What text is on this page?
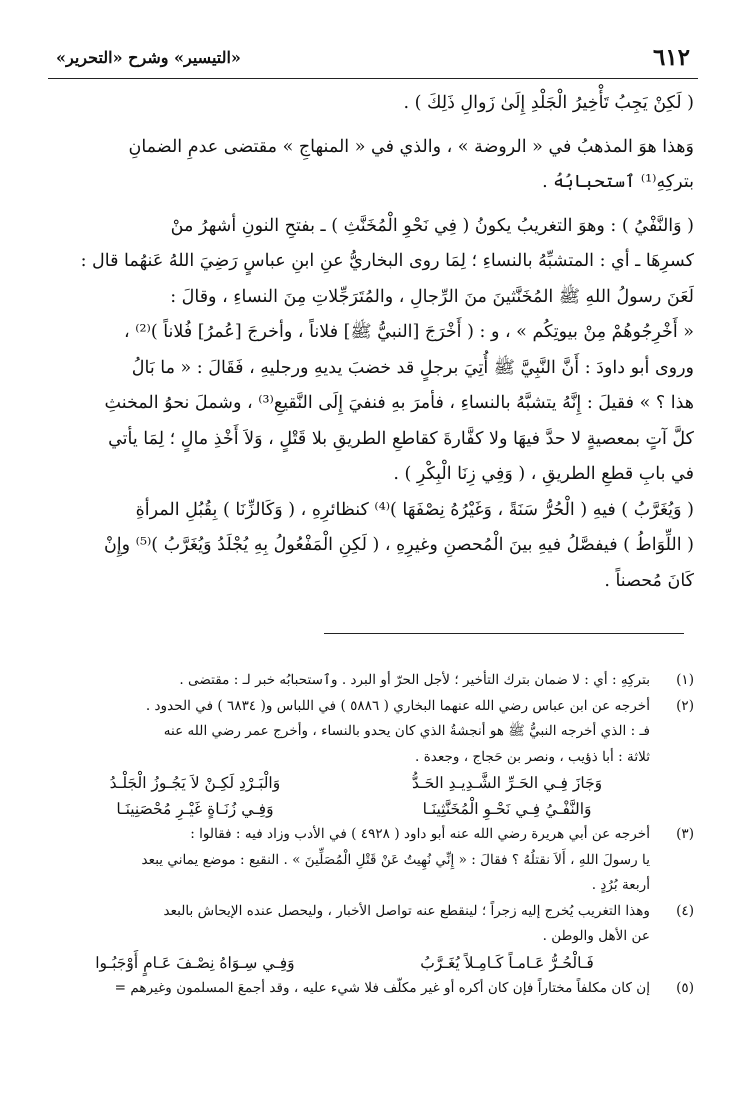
٦١٢
«التيسير» وشرح «التحرير»

( لَكِنْ يَجِبُ تَأْخِيرُ الْجَلْدِ إِلَىٰ زَوالِ ذَلِكَ ) .

وَهذا هوَ المذهبُ في « الروضة » ، والذي في « المنهاجِ » مقتضى عدمِ الضمانِ

بتركِهِ⁽¹⁾ ٱستحبابُهُ .

( وَالنَّفْيُ ) : وهوَ التغريبُ يكونُ ( فِي نَحْوِ الْمُخَنَّثِ ) ـ بفتحِ النونِ أشهرُ منْ

كسرِهَا ـ أي : المتشبِّهُ بالنساءِ ؛ لِمَا روى البخاريُّ عنِ ابنِ عباسٍ رَضِيَ اللهُ عَنهُما قال :

لَعَنَ رسولُ اللهِ ﷺ المُخَنَّثينَ منَ الرِّجالِ ، والمُتَرَجِّلاتِ مِنَ النساءِ ، وقالَ :

« أَخْرِجُوهُمْ مِنْ بيوتِكُم » ، و : ( أَخْرَجَ [النبيُّ ﷺ] فلاناً ، وأخرجَ [عُمرُ] فُلاناً )⁽²⁾ ،

وروى أبو داودَ : أَنَّ النَّبِيَّ ﷺ أُتِيَ برجلٍ قد خضبَ يديهِ ورجليهِ ، فَقَالَ : « ما بَالُ

هذا ؟ » فقيلَ : إِنَّهُ يتشبَّهُ بالنساءِ ، فأمرَ بهِ فنفيَ إِلَى النَّقيعِ⁽³⁾ ، وشملَ نحوُ المخنثِ

كلَّ آتٍ بمعصيةٍ لا حدَّ فيهَا ولا كفَّارةَ كقاطعِ الطريقِ بلا قَتْلٍ ، وَلاَ أَخْذِ مالٍ ؛ لِمَا يأتي

في بابِ قطعِ الطريقِ ، ( وَفِي زِنَا الْبِكْرِ ) .

( وَيُغَرَّبُ ) فيهِ ( الْحُرُّ سَنَةً ، وَغَيْرُهُ نِصْفَهَا )⁽⁴⁾ كنظائرِهِ ، ( وَكَالزِّنَا ) بِقُبُلِ المرأةِ

( اللِّوَاطُ ) فيفصَّلُ فيهِ بينَ الْمُحصنِ وغيرِهِ ، ( لَكِنِ الْمَفْعُولُ بِهِ يُجْلَدُ وَيُغَرَّبُ )⁽⁵⁾ وإِنْ

كَانَ مُحصناً .

(١)
بتركِهِ : أي : لا ضمان بترك التأخير ؛ لأجل الحرّ أو البرد . وٱستحبابُه خبر لـ : مقتضى .
(٢)
أخرجه عن ابن عباس رضي الله عنهما البخاري ( ٥٨٨٦ ) في اللباس و( ٦٨٣٤ ) في الحدود .
فـ : الذي أخرجه النبيُّ ﷺ هو أنجشةُ الذي كان يحدو بالنساء ، وأخرج عمر رضي الله عنه
ثلاثة : أبا ذؤيب ، ونصر بن حَجاج ، وجعدة .
وَجَازَ فِـي الحَـرِّ الشَّـدِيـدِ الحَـدُّ
وَالْبَـرْدِ لَكِـنْ لاَ يَجُـوزُ الْجَلْـدُ
وَالنَّفْـيُ فِـي نَحْـوِ الْمُخَنَّثِينَـا
وَفِـي زُنَـاةٍ غَيْـرِ مُحْصَنِينَـا
(٣)
أخرجه عن أبي هريرة رضي الله عنه أبو داود ( ٤٩٢٨ ) في الأدب وزاد فيه : فقالوا :
يا رسولَ اللهِ ، أَلاَ نقتلُهُ ؟ فقالَ : « إِنِّي نُهِيتُ عَنْ قَتْلِ الْمُصَلِّينَ » . النقيع : موضع يماني يبعد
أربعة بُرُدٍ .
(٤)
وهذا التغريب يُخرج إليه زجراً ؛ لينقطع عنه تواصل الأخبار ، وليحصل عنده الإيحاش بالبعد
عن الأهل والوطن .
فَـالْحُـرُّ عَـامـاً كَـامِـلاً يُغَـرَّبُ
وَفِـي سِـوَاهُ نِصْـفَ عَـامٍ أَوْجَبُـوا
(٥)
إن كان مكلفاً مختاراً فإن كان أكره أو غير مكلّف فلا شيء عليه ، وقد أجمعَ المسلمون وغيرهم =
